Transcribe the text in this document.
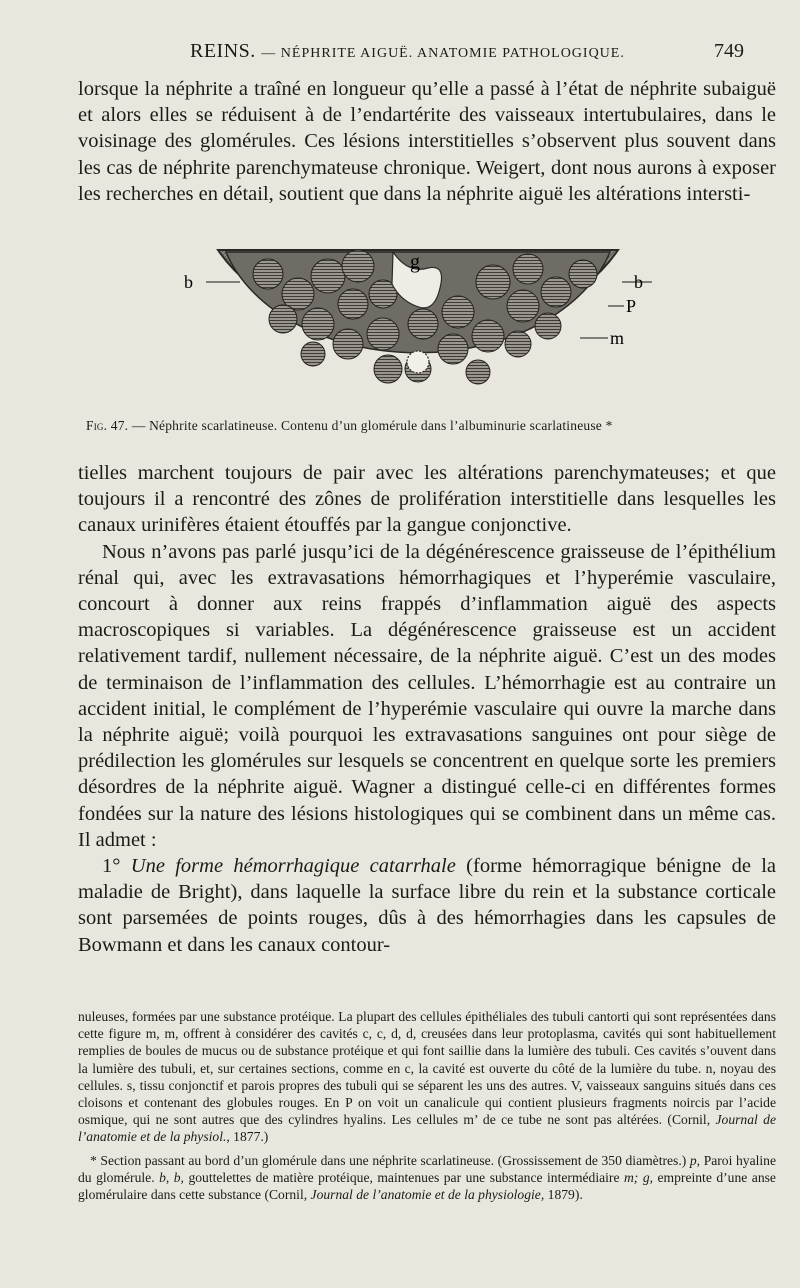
REINS. — NÉPHRITE AIGUË. ANATOMIE PATHOLOGIQUE.	749

lorsque la néphrite a traîné en longueur qu’elle a passé à l’état de néphrite subaiguë et alors elles se réduisent à de l’endartérite des vaisseaux intertubulaires, dans le voisinage des glomérules. Ces lésions interstitielles s’observent plus souvent dans les cas de néphrite parenchymateuse chronique. Weigert, dont nous aurons à exposer les recherches en détail, soutient que dans la néphrite aiguë les altérations intersti-

b	b
g
P
m
Fig. 47. — Néphrite scarlatineuse. Contenu d’un glomérule dans l’albuminurie scarlatineuse *

tielles marchent toujours de pair avec les altérations parenchymateuses; et que toujours il a rencontré des zônes de prolifération interstitielle dans lesquelles les canaux urinifères étaient étouffés par la gangue conjonctive.

Nous n’avons pas parlé jusqu’ici de la dégénérescence graisseuse de l’épithélium rénal qui, avec les extravasations hémorrhagiques et l’hyperémie vasculaire, concourt à donner aux reins frappés d’inflammation aiguë des aspects macroscopiques si variables. La dégénérescence graisseuse est un accident relativement tardif, nullement nécessaire, de la néphrite aiguë. C’est un des modes de terminaison de l’inflammation des cellules. L’hémorrhagie est au contraire un accident initial, le complément de l’hyperémie vasculaire qui ouvre la marche dans la néphrite aiguë; voilà pourquoi les extravasations sanguines ont pour siège de prédilection les glomérules sur lesquels se concentrent en quelque sorte les premiers désordres de la néphrite aiguë. Wagner a distingué celle-ci en différentes formes fondées sur la nature des lésions histologiques qui se combinent dans un même cas. Il admet :

1° Une forme hémorrhagique catarrhale (forme hémorragique bénigne de la maladie de Bright), dans laquelle la surface libre du rein et la substance corticale sont parsemées de points rouges, dûs à des hémorrhagies dans les capsules de Bowmann et dans les canaux contour-

nuleuses, formées par une substance protéique. La plupart des cellules épithéliales des tubuli cantorti qui sont représentées dans cette figure m, m, offrent à considérer des cavités c, c, d, d, creusées dans leur protoplasma, cavités qui sont habituellement remplies de boules de mucus ou de substance protéique et qui font saillie dans la lumière des tubuli. Ces cavités s’ouvent dans la lumière des tubuli, et, sur certaines sections, comme en c, la cavité est ouverte du côté de la lumière du tube. n, noyau des cellules. s, tissu conjonctif et parois propres des tubuli qui se séparent les uns des autres. V, vaisseaux sanguins situés dans ces cloisons et contenant des globules rouges. En P on voit un canalicule qui contient plusieurs fragments noircis par l’acide osmique, qui ne sont autres que des cylindres hyalins. Les cellules m’ de ce tube ne sont pas altérées. (Cornil, Journal de l’anatomie et de la physiol., 1877.)

* Section passant au bord d’un glomérule dans une néphrite scarlatineuse. (Grossissement de 350 diamètres.) p, Paroi hyaline du glomérule. b, b, gouttelettes de matière protéique, maintenues par une substance intermédiaire m; g, empreinte d’une anse glomérulaire dans cette substance (Cornil, Journal de l’anatomie et de la physiologie, 1879).
